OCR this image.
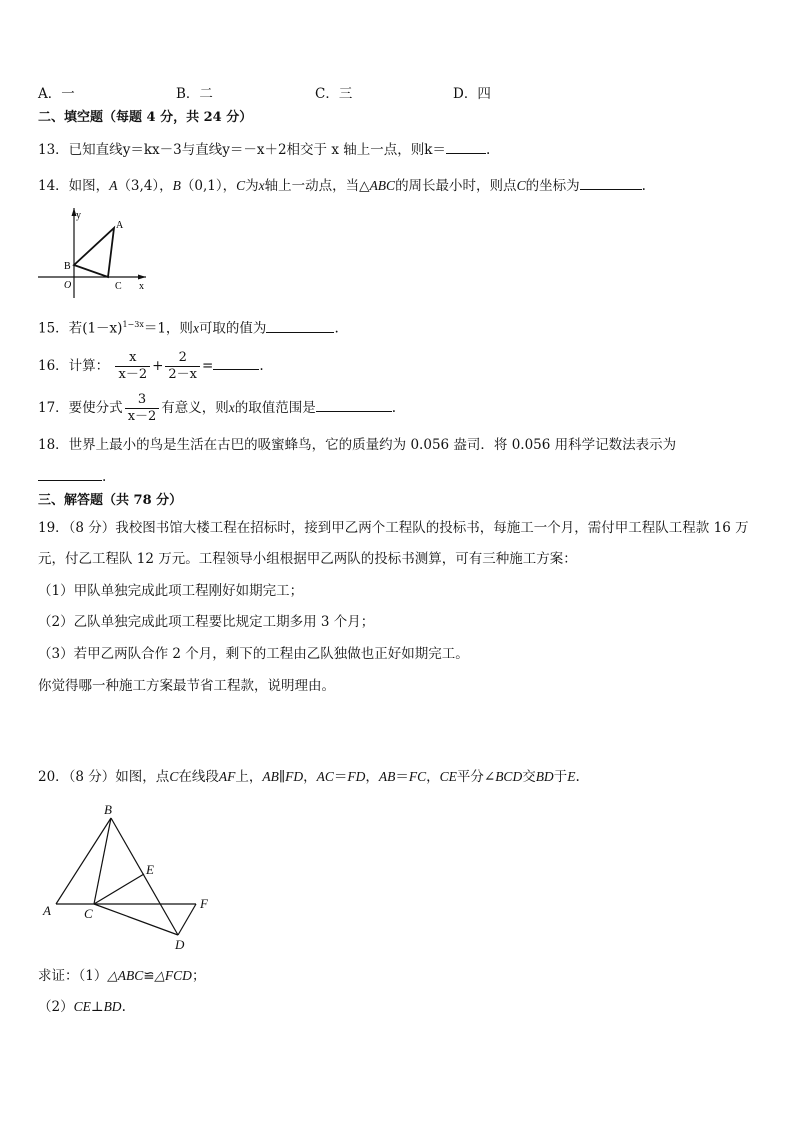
A．一	B．二	C．三	D．四
二、填空题（每题 4 分，共 24 分）
13．已知直线y＝kx－3与直线y＝－x＋2相交于 x 轴上一点，则k＝	.
14．如图，A（3,4），B（0,1），C为x轴上一动点，当△ABC的周长最小时，则点C的坐标为	.
y
A
B
O	C x
15．若$(1-x)^{1-3x}=1$，则x可取的值为	.
16．计算： $\frac{x}{x-2} + \frac{2}{2-x}$ =	.
17．要使分式 $\frac{3}{x-2}$ 有意义，则x的取值范围是	.
18．世界上最小的鸟是生活在古巴的吸蜜蜂鸟，它的质量约为 0.056 盎司．将 0.056 用科学记数法表示为
.
三、解答题（共 78 分）
19．（8 分）我校图书馆大楼工程在招标时，接到甲乙两个工程队的投标书，每施工一个月，需付甲工程队工程款 16 万
元，付乙工程队 12 万元。工程领导小组根据甲乙两队的投标书测算，可有三种施工方案：
（1）甲队单独完成此项工程刚好如期完工；
（2）乙队单独完成此项工程要比规定工期多用 3 个月；
（3）若甲乙两队合作 2 个月，剩下的工程由乙队独做也正好如期完工。
你觉得哪一种施工方案最节省工程款，说明理由。
20．（8 分）如图，点C在线段AF上，AB∥FD，AC＝FD，AB＝FC，CE平分∠BCD交BD于E.
B
E
F
A	C
D
求证：（1）△ABC≌△FCD；
（2）CE⊥BD.
